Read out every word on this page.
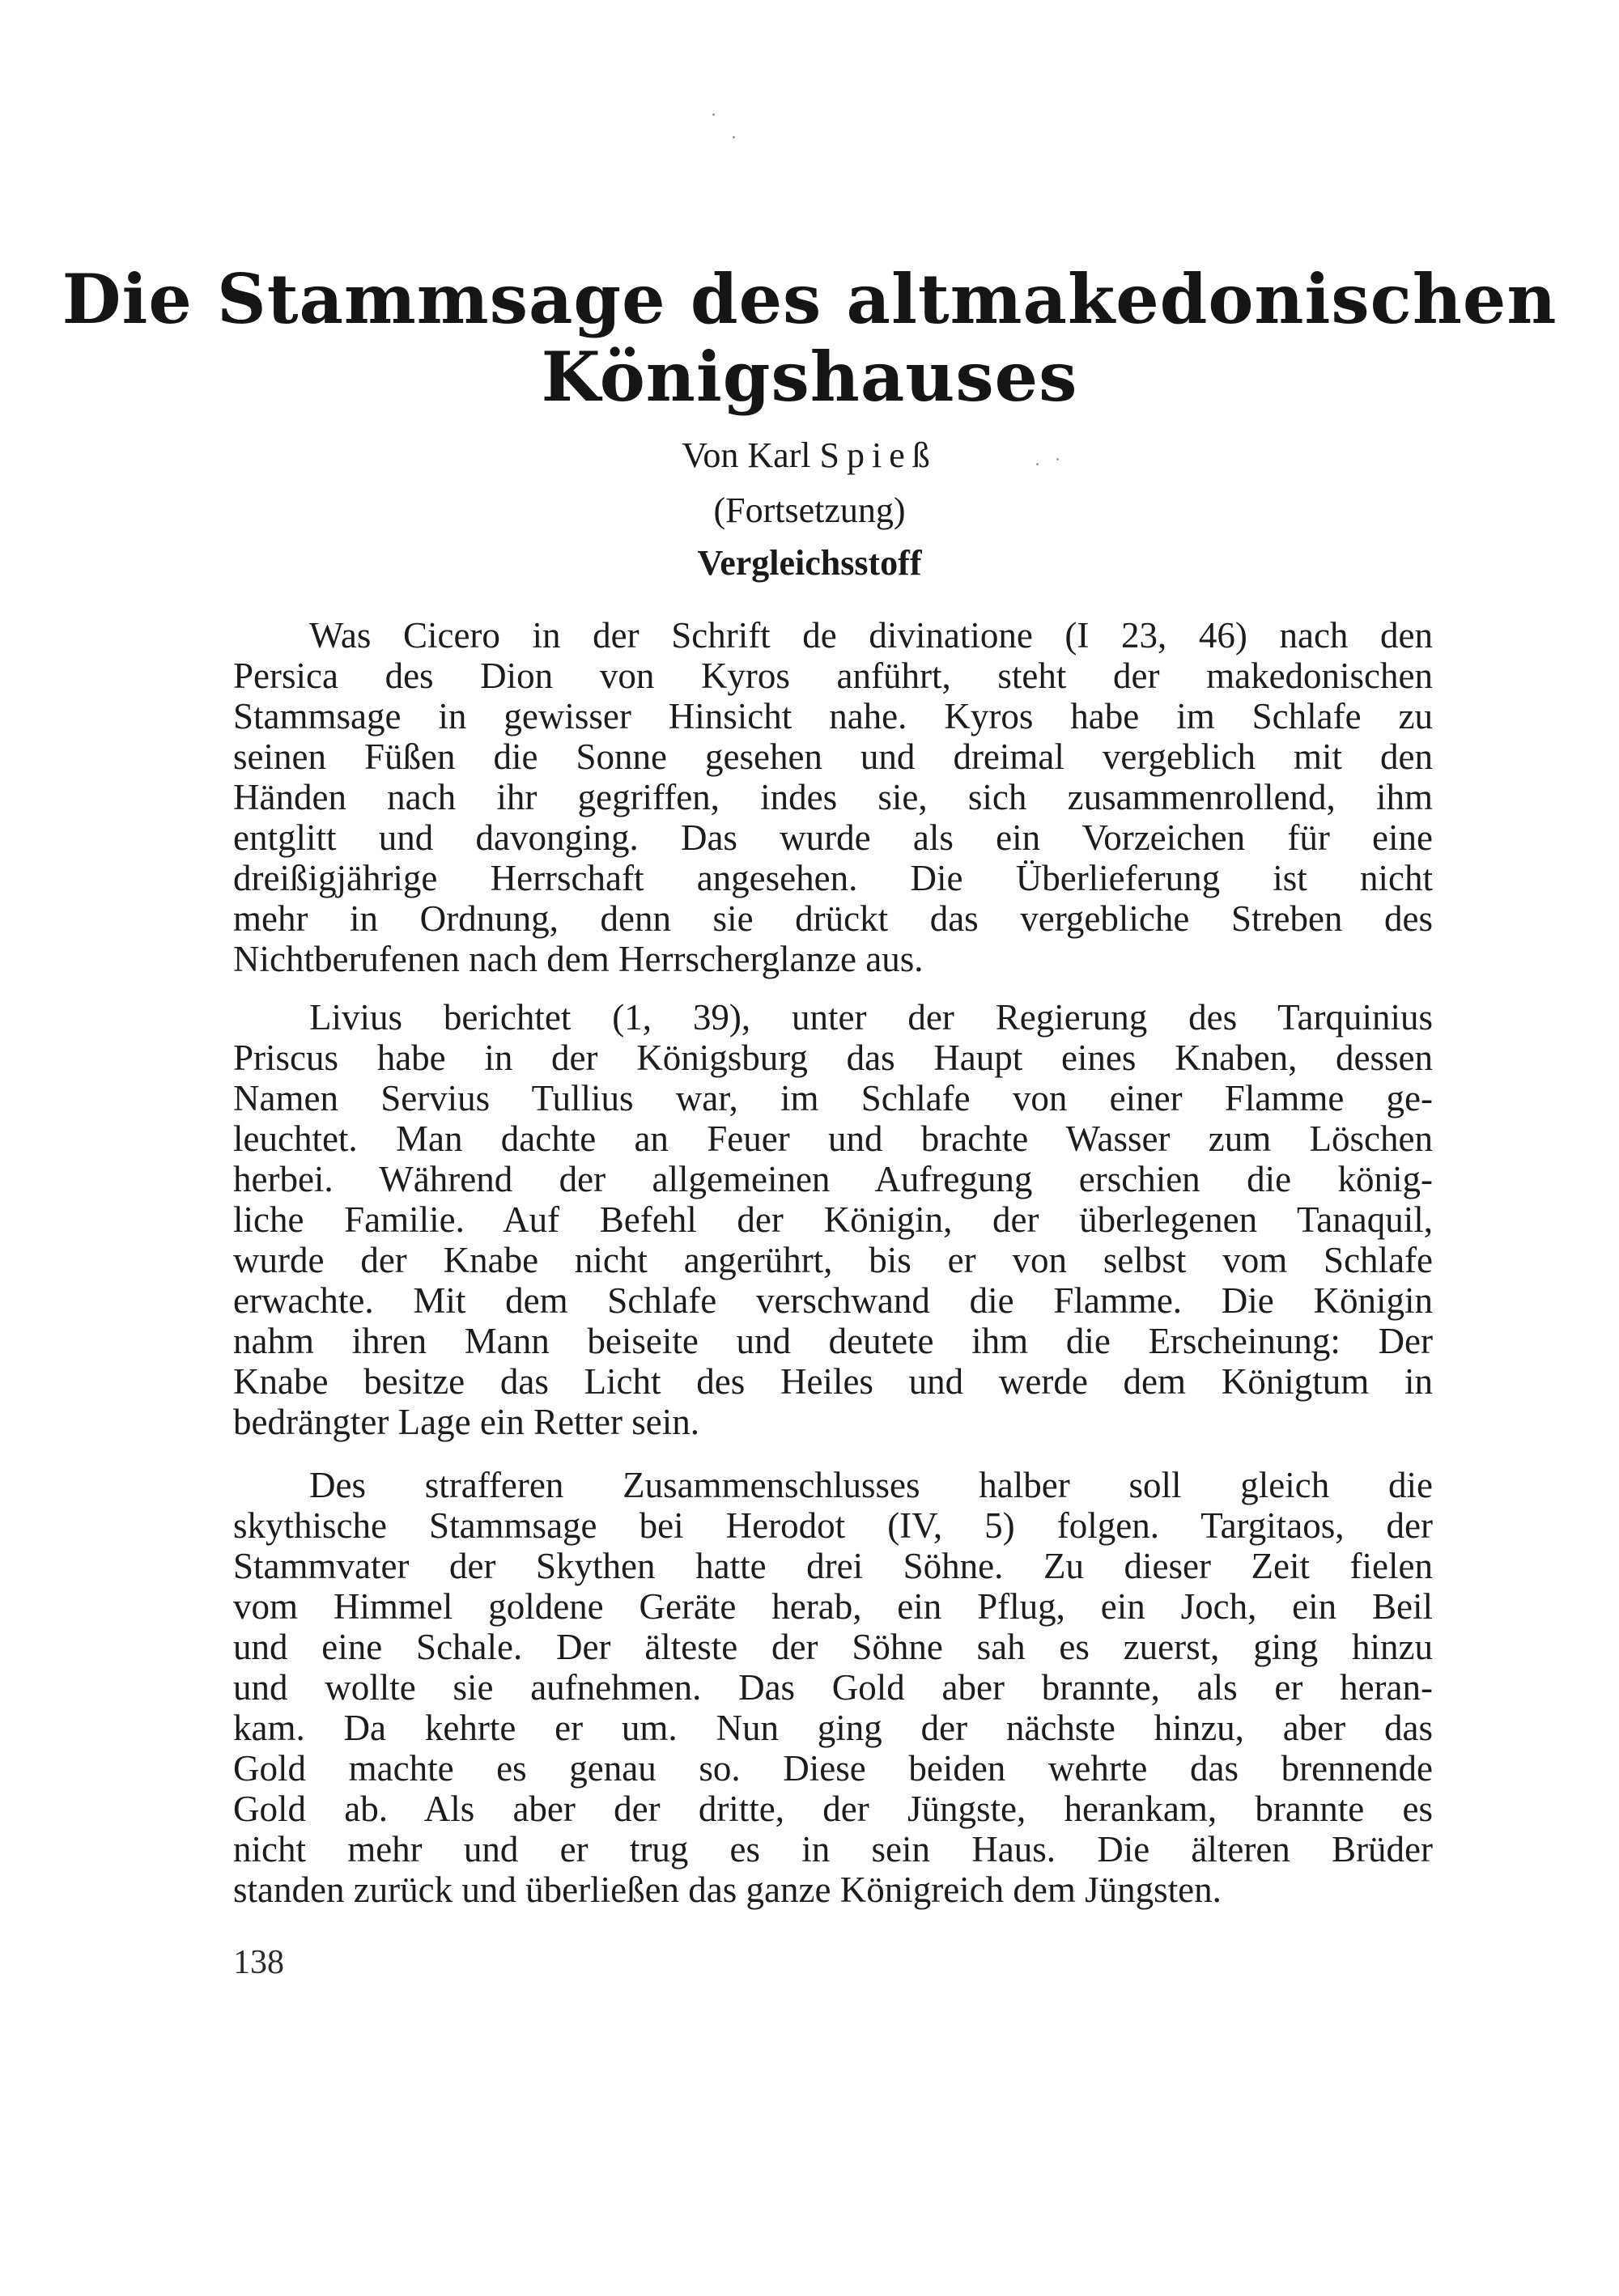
Die Stammsage des altmakedonischen
Königshauses
Von Karl Spieß
(Fortsetzung)
Vergleichsstoff
Was Cicero in der Schrift de divinatione (I 23, 46) nach den
Persica des Dion von Kyros anführt, steht der makedonischen
Stammsage in gewisser Hinsicht nahe. Kyros habe im Schlafe zu
seinen Füßen die Sonne gesehen und dreimal vergeblich mit den
Händen nach ihr gegriffen, indes sie, sich zusammenrollend, ihm
entglitt und davonging. Das wurde als ein Vorzeichen für eine
dreißigjährige Herrschaft angesehen. Die Überlieferung ist nicht
mehr in Ordnung, denn sie drückt das vergebliche Streben des
Nichtberufenen nach dem Herrscherglanze aus.
Livius berichtet (1, 39), unter der Regierung des Tarquinius
Priscus habe in der Königsburg das Haupt eines Knaben, dessen
Namen Servius Tullius war, im Schlafe von einer Flamme ge-
leuchtet. Man dachte an Feuer und brachte Wasser zum Löschen
herbei. Während der allgemeinen Aufregung erschien die könig-
liche Familie. Auf Befehl der Königin, der überlegenen Tanaquil,
wurde der Knabe nicht angerührt, bis er von selbst vom Schlafe
erwachte. Mit dem Schlafe verschwand die Flamme. Die Königin
nahm ihren Mann beiseite und deutete ihm die Erscheinung: Der
Knabe besitze das Licht des Heiles und werde dem Königtum in
bedrängter Lage ein Retter sein.
Des strafferen Zusammenschlusses halber soll gleich die
skythische Stammsage bei Herodot (IV, 5) folgen. Targitaos, der
Stammvater der Skythen hatte drei Söhne. Zu dieser Zeit fielen
vom Himmel goldene Geräte herab, ein Pflug, ein Joch, ein Beil
und eine Schale. Der älteste der Söhne sah es zuerst, ging hinzu
und wollte sie aufnehmen. Das Gold aber brannte, als er heran-
kam. Da kehrte er um. Nun ging der nächste hinzu, aber das
Gold machte es genau so. Diese beiden wehrte das brennende
Gold ab. Als aber der dritte, der Jüngste, herankam, brannte es
nicht mehr und er trug es in sein Haus. Die älteren Brüder
standen zurück und überließen das ganze Königreich dem Jüngsten.
138
